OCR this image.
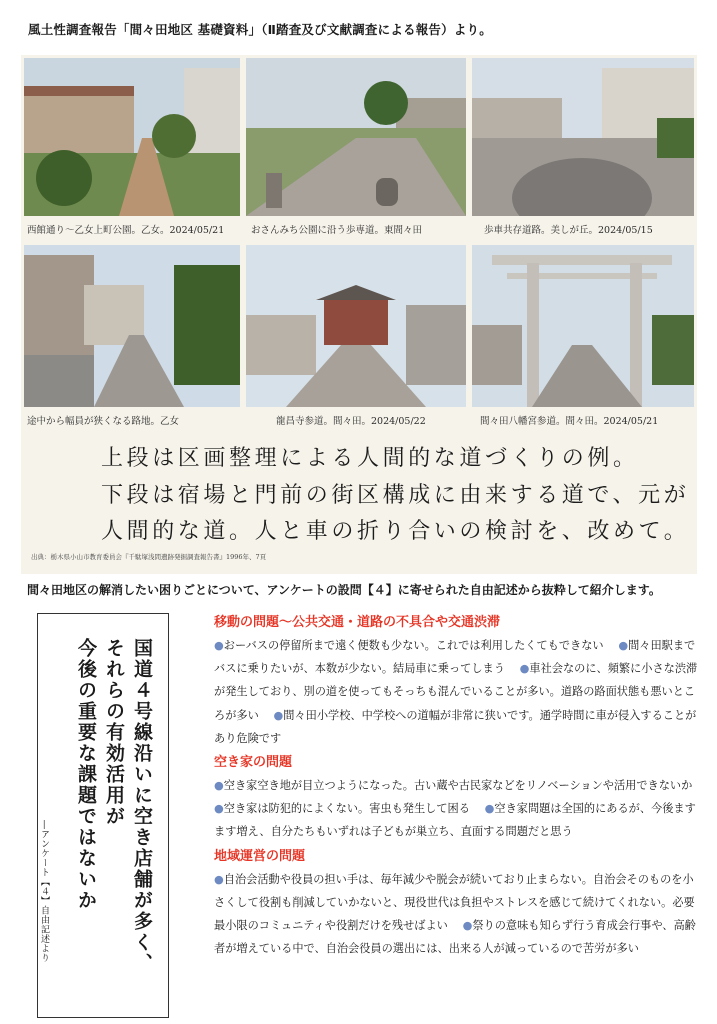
風土性調査報告「間々田地区 基礎資料」（Ⅱ踏査及び文献調査による報告）より。
西館通り～乙女上町公園。乙女。2024/05/21	おさんみち公園に沿う歩専道。東間々田	歩車共存道路。美しが丘。2024/05/15
途中から幅員が狭くなる路地。乙女	龍昌寺参道。間々田。2024/05/22	間々田八幡宮参道。間々田。2024/05/21
上段は区画整理による人間的な道づくりの例。
下段は宿場と門前の街区構成に由来する道で、元が
人間的な道。人と車の折り合いの検討を、改めて。
出典：栃木県小山市教育委員会『千駄塚浅間遺跡発掘調査報告書』1996年、7頁
間々田地区の解消したい困りごとについて、アンケートの設問【４】に寄せられた自由記述から抜粋して紹介します。
国道４号線沿いに空き店舗が多く、
それらの有効活用が
今後の重要な課題ではないか
―アンケート【４】自由記述より
移動の問題～公共交通・道路の不具合や交通渋滞
●おーバスの停留所まで遠く便数も少ない。これでは利用したくてもできない 　●間々田駅までバスに乗りたいが、本数が少ない。結局車に乗ってしまう 　●車社会なのに、頻繁に小さな渋滞が発生しており、別の道を使ってもそっちも混んでいることが多い。道路の路面状態も悪いところが多い 　●間々田小学校、中学校への道幅が非常に狭いです。通学時間に車が侵入することがあり危険です
空き家の問題
●空き家空き地が目立つようになった。古い蔵や古民家などをリノベーションや活用できないか 　●空き家は防犯的によくない。害虫も発生して困る 　●空き家問題は全国的にあるが、今後ますます増え、自分たちもいずれは子どもが巣立ち、直面する問題だと思う
地域運営の問題
●自治会活動や役員の担い手は、毎年減少や脱会が続いており止まらない。自治会そのものを小さくして役割も削減していかないと、現役世代は負担やストレスを感じて続けてくれない。必要最小限のコミュニティや役割だけを残せばよい 　●祭りの意味も知らず行う育成会行事や、高齢者が増えている中で、自治会役員の選出には、出来る人が減っているので苦労が多い
